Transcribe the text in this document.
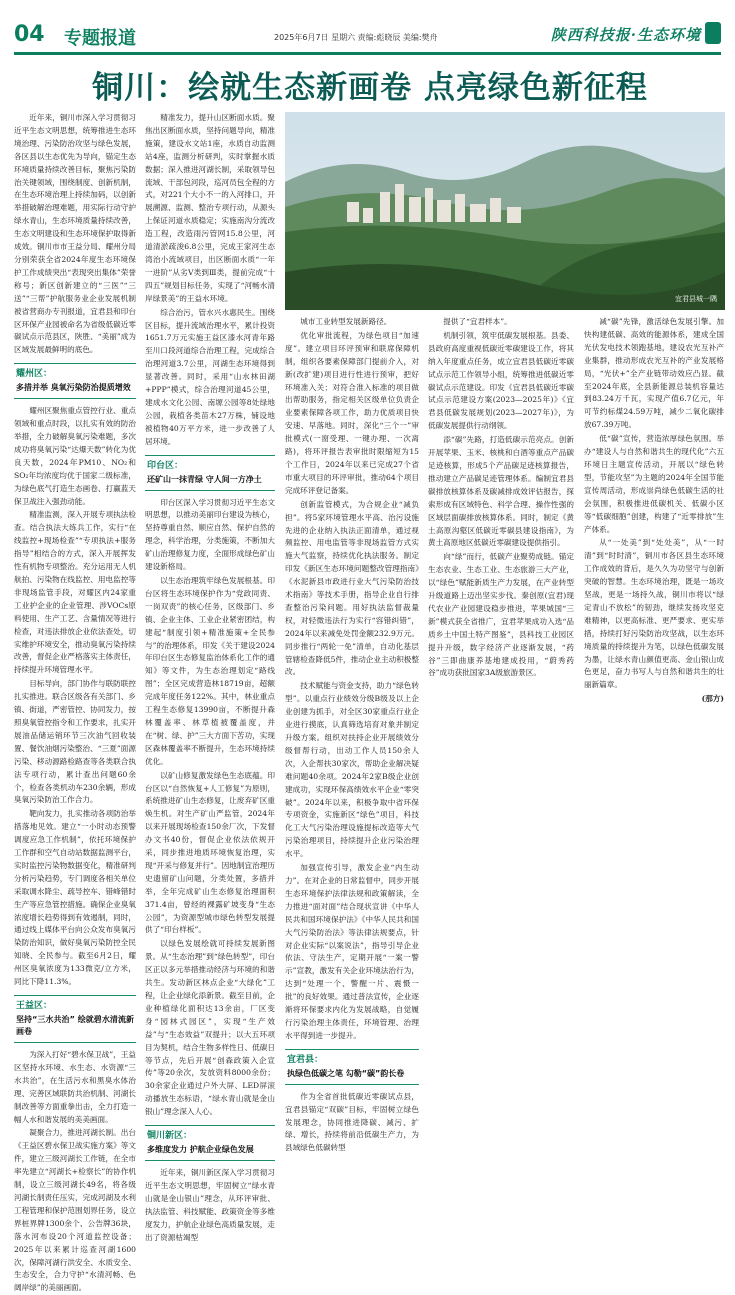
04 专题报道	2025年6月7日 星期六 责编:彪晓辰 美编:樊舟	陕西科技报·生态环境
铜川：绘就生态新画卷 点亮绿色新征程
宜君县城一隅

近年来，铜川市深入学习贯彻习近平生态文明思想，统筹推进生态环境治理、污染防治攻坚与绿色发展，各区县以生态优先为导向，锚定生态环境质量持续改善目标，聚焦污染防治关键领域，围绕制度、创新机制，在生态环境治理上持续加码，以创新举措破解治理难题，用实际行动守护绿水青山，生态环境质量持续改善，生态文明建设和生态环境保护取得新成效。铜川市市王益分局、耀州分局分别荣获全省2024年度生态环境保护工作成绩突出“表现突出集体”荣誉称号；新区创新建立的“三医”“三送”“三帮”护航服务业企业发展机制被省营商办专刊报道，宜君县和印台区环保产业园被命名为省级低碳近零碳试点示范县区，陕胜、“美丽”成为区域发展最鲜明的底色。

耀州区：
多措并举 臭氧污染防治提质增效

耀州区聚焦重点管控行业、重点领域和重点时段，以扎实有效的防治举措，全力破解臭氧污染难题，多次成功将臭氧污染“达爆天数”转化为优良天数，2024年PM10、NO₂和SO₂年均浓度均优于国家二级标准，为绿色底气打造生态画卷、打赢蓝天保卫战注入强劲动能。

精准监测，深入开展专项执法检查。结合执法大练兵工作，实行“在线监控+现场检查”“专项执法+服务指导”相结合的方式，深入开展挥发性有机物专项整治。充分运用无人机航拍、污染物在线监控、用电监控等非现场监管手段，对耀区内24家重工业护企业的企业管理、涉VOCs原料使用、生产工艺、含量情况等进行检查，对违法排放企业依法查处，切实维护环境安全，推动臭氧污染持续改善，督促企业严格落实主体责任，持续提升环境管理水平。

目标导向，部门协作与联防联控扎实推进。联合区级各有关部门、乡镇、街道，严密管控、协同发力，按照臭氧管控指令和工作要求，扎实开展油品储运销环节三次油气回收装置、餐饮油烟污染整治、“三夏”面源污染、移动源路检路查等各类联合执法专项行动，累计查出问题60余个，检查各类机动车230余辆，形成臭氧污染防治工作合力。

靶向发力，扎实推动各项防治举措落地见效。建立“一小时动态预警调度应急工作机制”，依托环境保护工作群和空气自动站数据监测平台，实时监控污染物数据变化，精准研判分析污染趋势，专门调度各相关单位采取调水降尘、疏导控车、错峰错时生产等应急管控措施。确保企业臭氧浓度增长趋势得到有效遏制，同时，通过线上媒体平台向公众发布臭氧污染防治知识，做好臭氧污染防控全民知晓、全民参与。截至6月2日，耀州区臭氧浓度为133微克/立方米，同比下降11.3%。

王益区：
坚持“三水共治” 绘就碧水清流新画卷

为深入打好“碧水保卫战”，王益区坚持水环境、水生态、水资源“三水共治”，在生活污水和黑臭水体治理、完善区域联防共治机制、河湖长制改善等方面重拳出击，全力打造一幅人水和谐发展的美美画面。

凝聚合力，推进河湖长制。出台《王益区碧水保卫战实施方案》等文件，建立三级河湖长工作链，在全市率先建立“河湖长+检察长”的协作机制，设立三级河湖长49名，将各级河湖长制责任压实，完成河湖及水利工程管理和保护范围划界任务，设立界桩界牌1300余个、公告牌36块，落水河布设20个河道监控设备；2025年以来累计巡查河湖1600次，保障河湖行洪安全、水质安全、生态安全，合力守护“水清河畅、色阔岸绿”的美丽画面。

精准发力，提升山区断面水质。聚焦出区断面水质，坚持问题导向，精准施策，建设水文站1座，水质自动监测站4座，监测分析研判，实时掌握水质数据；深入推进河湖长制，采取领导包流域、干部包河段，巡河员包全程的方式，对221个大小不一的入河排口，开展溯源、监测、整治专项行动，从源头上保证河道水质稳定；实施南沟分流改造工程，改造雨污管网15.8公里，河道清淤疏浚6.8公里，完成王家河生态湾治小流域项目，出区断面水质“一年一进阶”从劣V类到Ⅲ类，提前完成“十四五”规划目标任务，实现了“河畅水清岸绿景美”的王益水环境。

综合治污，管水兴水惠民生。围绕区目标，提升流域治理水平，累计投资1651.7万元实施王益区漆水河青年路至川口段河道综合治理工程，完成综合治理河道3.7公里，河湖生态环境得到显著改善。同时，采用“山水林田湖+PPP”模式，综合治理河道45公里，建成水文化公园、南塬公园等8处绿地公园，栽植各类苗木27万株，铺设地被植物40万平方米，进一步改善了人居环境。

印台区：
还矿山一抹青绿 守人间一方净土

印台区深入学习贯彻习近平生态文明思想，以推动美丽印台建设为核心，坚持尊重自然、顺应自然、保护自然的理念，科学治理，分类施策，不断加大矿山治理修复力度，全面形成绿色矿山建设新格局。

以生态治理筑牢绿色发展根基。印台区将生态环境保护作为“党政同责、一岗双责”的核心任务，区级部门、乡镇、企业主体、工业企业紧密团结，构建起“制度引领+精准施策+全民参与”的治理体系，印发《关于建设2024年印台区生态修复监治体系化工作的通知》等文件，为生态治理划定“路线图”；全区完成营造林18719亩，超额完成年度任务122%。其中，林业重点工程生态修复13990亩，不断提升森林覆盖率、林草植被覆盖度，并在“树、绿、护”三大方面下苦功，实现区森林覆盖率不断提升，生态环境持续优化。

以矿山修复激发绿色生态底蕴。印台区以“自然恢复+人工修复”为原则，系统推进矿山生态修复，让废弃矿区重焕生机。对生产矿山严监管，2024年以来开展现场检查150余厂次，下发督办文书40份，督促企业依法依规开采，同步推进地质环境恢复治理，实现“开采与修复并行”。因地制宜治理历史遗留矿山问题，分类处置，多措并举，全年完成矿山生态修复治理面积371.4亩，曾经的裸露矿坡变身“生态公园”，为资源型城市绿色转型发展提供了“印台样板”。

以绿色发展绘就可持续发展新图景。从“生态治理”到“绿色转型”，印台区正以多元举措推动经济与环境的和谐共生。发动新区林点企业“大绿化”工程，让企业绿化添新景。截至目前，企业种植绿化面积达13余亩，厂区变身“园林式园区”，实现“生产效益”与“生态效益”双提升；以大五环项目为契机，结合生物多样性日、低碳日等节点，先后开展“创森政策入企宣传”等20余次，发放资料8000余份；30余家企业通过户外大屏、LED屏滚动播放生态标语，“绿水青山就是金山银山”理念深入人心。

铜川新区：
多维度发力 护航企业绿色发展

近年来，铜川新区深入学习贯彻习近平生态文明思想，牢固树立“绿水青山就是金山银山”理念，从环评审批、执法监管、科技赋能、政策资金等多维度发力，护航企业绿色高质量发展，走出了资源枯竭型

城市工业转型发展新路径。

优化审批流程，为绿色项目“加速度”。建立项目环评预审和联席保障机制，组织各要素保障部门提前介入，对新(改扩建)项目进行性进行预审，把好环境准入关；对符合准入标准的项目做出帮助服务，指定相关区级单位负责企业要素保障各项工作，助力优质项目快安速、早落地。同时，深化“三个一”审批模式(一窗受理、一键办理、一次离路)，将环评报告表审批时限缩短为15个工作日，2024年以来已完成27个省市重大项目的环评审批，推动64个项目完成环评登记备案。

创新监管模式，为合规企业“减负担”。将5家环境管理水平高、治污设施先进的企业纳入执法正面清单，通过视频监控、用电监管等非现场监管方式实施大气监察，持续优化执法服务。制定印发《新区生态环境问题整改管理指南》《水泥新县市政进行业大气污染防治技术指南》等技术手册，指导企业自行排查整治污染问题。用好执法监督裁量权，对轻微违法行为实行“容错纠错”，2024年以来减免处罚金额232.9万元。同步推行“两轮一免”清单，自动化基层管辖检查降低5件，推动企业主动积极整改。

技术赋能与资金支持，助力“绿色转型”。以重点行业绩效分级B级及以上企业创建为抓手，对全区30家重点行业企业进行摸底，认真筛选培育对象并制定升级方案。组织对扶持企业开展绩效分级督帮行动，出动工作人员150余人次，入企帮扶30家次，帮助企业解决疑难问题40余项。2024年2家B级企业创建成功，实现环保高绩效水平企业“零突破”。2024年以来，积极争取中省环保专项资金，实施新区“绿色”项目，科技化工大气污染治理设施提标改造等大气污染治理项目，持续提升企业污染治理水平。

加强宣传引导，激发企业“内生动力”。在对企业的日常监督中，同步开展生态环境保护法律法规和政策解读，全力推进“面对面”结合现状宣讲《中华人民共和国环境保护法》《中华人民共和国大气污染防治法》等法律法规要点，针对企业实际“以案说法”，指导引导企业依法、守法生产，定期开展“一案一警示”宣教，激发有关企业环境法治行为，达到“处理一个、警醒一片、震慑一批”的良好效果。通过普法宣传，企业逐渐将环保要求内化为发展战略，自觉履行污染治理主体责任，环境管理、治理水平得到进一步提升。

宜君县：
执绿色低碳之笔 勾勒“碳”韵长卷

作为全省首批低碳近零碳试点县，宜君县锚定“双碳”目标，牢固树立绿色发展理念，协同推进降碳、减污、扩绿、增长，持续将前沿低碳生产力，为县域绿色低碳转型

提供了“宜君样本”。

机制引领，筑牢低碳发展根基。县委、县政府高度重视低碳近零碳建设工作，将其纳入年度重点任务，成立宜君县低碳近零碳试点示范工作领导小组，统筹推进低碳近零碳试点示范建设。印发《宜君县低碳近零碳试点示范建设方案(2023—2025年)》《宜君县低碳发展规划(2023—2027年)》，为低碳发展提供行动纲领。

添“碳”先路，打造低碳示范亮点。创新开展苹果、玉米、核桃和白酒等重点产品碳足迹核算，形成5个产品碳足迹核算报告，推动建立产品碳足迹管理体系。编制宜君县碳排放核算体系及碳减排成效评估报告，探索形成有区域特色、科学合理、操作性强的区域层面碳排放核算体系。同时，制定《黄土高原沟壑区低碳近零碳县建设指南》，为黄土高原地区低碳近零碳建设提供指引。

向“绿”而行，低碳产业聚势成链。锚定生态农业、生态工业、生态旅游三大产业，以“绿色”赋能新质生产力发展，在产业转型升级道路上迈出坚实步伐。秦创原(宜君)现代农业产业园建设稳步推进，苹果城国“三新”模式获全省推广，宜君苹果成功入选“品质乡土中国土特产图鉴”，县科技工业园区提升升级，数字经济产业逐渐发展，“药谷”三即曲康养基地建成投用，“蔚秀药谷”成功获批国家3A级旅游景区。

减“碳”先锋，激活绿色发展引擎。加快构建低碳、高效的能源体系，建成全国光伏发电技术领跑基地，建设农光互补产业集群，推动形成农光互补的产业发展格局，“光伏+”全产业链带动效应凸显。截至2024年底，全县新能源总装机容量达到83.24万千瓦，实现产值6.7亿元，年可节约标煤24.59万吨，减少二氧化碳排放67.39万吨。

低“碳”宣传，营造浓厚绿色氛围。举办“建设人与自然和谐共生的现代化”六五环境日主题宣传活动，开展以“绿色转型，节能攻坚”为主题的2024年全国节能宣传周活动，形成崇尚绿色低碳生活的社会氛围，积极推进低碳机关、低碳小区等“低碳细胞”创建，构建了“近零排放”生产体系。

从“一处美”到“处处美”，从“一时清”到“时时清”，铜川市各区县生态环境工作成效的背后，是久久为功坚守与创新突破的智慧。生态环境治理，既是一场攻坚战，更是一场持久战，铜川市将以“绿定青山不放松”的韧劲，继续发扬攻坚克难精神，以更高标准、更严要求、更实举措，持续打好污染防治攻坚战，以生态环境质量的持续提升为笔，以绿色低碳发展为墨，让绿水青山颜值更高、金山银山成色更足，奋力书写人与自然和谐共生的壮丽新篇章。

(那方)
